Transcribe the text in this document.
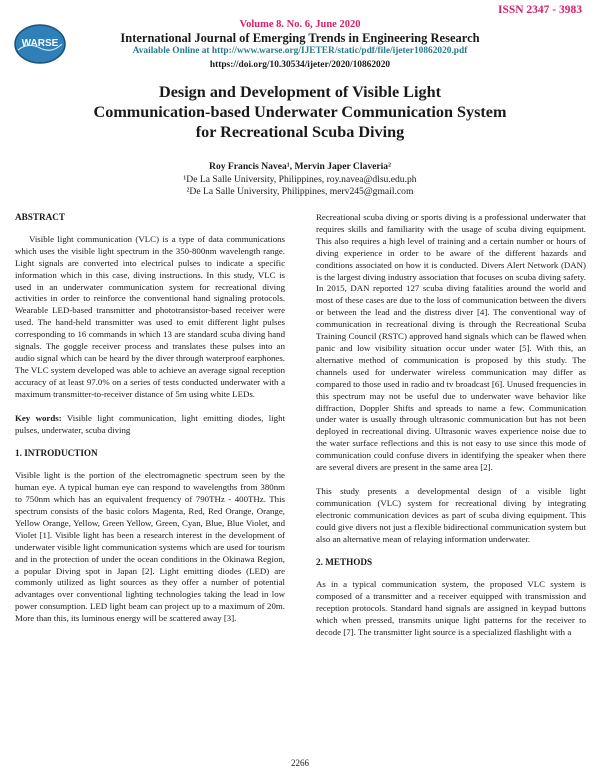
ISSN 2347 - 3983
WARSE
Volume 8. No. 6, June 2020
International Journal of Emerging Trends in Engineering Research
Available Online at http://www.warse.org/IJETER/static/pdf/file/ijeter10862020.pdf
https://doi.org/10.30534/ijeter/2020/10862020
Design and Development of Visible Light
Communication-based Underwater Communication System
for Recreational Scuba Diving
Roy Francis Navea¹, Mervin Japer Claveria²
¹De La Salle University, Philippines, roy.navea@dlsu.edu.ph
²De La Salle University, Philippines, merv245@gmail.com
ABSTRACT

Visible light communication (VLC) is a type of data communications which uses the visible light spectrum in the 350-800nm wavelength range. Light signals are converted into electrical pulses to indicate a specific information which in this case, diving instructions. In this study, VLC is used in an underwater communication system for recreational diving activities in order to reinforce the conventional hand signaling protocols. Wearable LED-based transmitter and phototransistor-based receiver were used. The hand-held transmitter was used to emit different light pulses corresponding to 16 commands in which 13 are standard scuba diving hand signals. The goggle receiver process and translates these pulses into an audio signal which can be heard by the diver through waterproof earphones. The VLC system developed was able to achieve an average signal reception accuracy of at least 97.0% on a series of tests conducted underwater with a maximum transmitter-to-receiver distance of 5m using white LEDs.

Key words: Visible light communication, light emitting diodes, light pulses, underwater, scuba diving

1. INTRODUCTION

Visible light is the portion of the electromagnetic spectrum seen by the human eye. A typical human eye can respond to wavelengths from 380nm to 750nm which has an equivalent frequency of 790THz - 400THz. This spectrum consists of the basic colors Magenta, Red, Red Orange, Orange, Yellow Orange, Yellow, Green Yellow, Green, Cyan, Blue, Blue Violet, and Violet [1]. Visible light has been a research interest in the development of underwater visible light communication systems which are used for tourism and in the protection of under the ocean conditions in the Okinawa Region, a popular Diving spot in Japan [2]. Light emitting diodes (LED) are commonly utilized as light sources as they offer a number of potential advantages over conventional lighting technologies taking the lead in low power consumption. LED light beam can project up to a maximum of 20m. More than this, its luminous energy will be scattered away [3].

Recreational scuba diving or sports diving is a professional underwater that requires skills and familiarity with the usage of scuba diving equipment. This also requires a high level of training and a certain number or hours of diving experience in order to be aware of the different hazards and conditions associated on how it is conducted. Divers Alert Network (DAN) is the largest diving industry association that focuses on scuba diving safety. In 2015, DAN reported 127 scuba diving fatalities around the world and most of these cases are due to the loss of communication between the divers or between the lead and the distress diver [4]. The conventional way of communication in recreational diving is through the Recreational Scuba Training Council (RSTC) approved hand signals which can be flawed when panic and low visibility situation occur under water [5]. With this, an alternative method of communication is proposed by this study. The channels used for underwater wireless communication may differ as compared to those used in radio and tv broadcast [6]. Unused frequencies in this spectrum may not be useful due to underwater wave behavior like diffraction, Doppler Shifts and spreads to name a few. Communication under water is usually through ultrasonic communication but has not been deployed in recreational diving. Ultrasonic waves experience noise due to the water surface reflections and this is not easy to use since this mode of communication could confuse divers in identifying the speaker when there are several divers are present in the same area [2].

This study presents a developmental design of a visible light communication (VLC) system for recreational diving by integrating electronic communication devices as part of scuba diving equipment. This could give divers not just a flexible bidirectional communication system but also an alternative mean of relaying information underwater.

2. METHODS

As in a typical communication system, the proposed VLC system is composed of a transmitter and a receiver equipped with transmission and reception protocols. Standard hand signals are assigned in keypad buttons which when pressed, transmits unique light patterns for the receiver to decode [7]. The transmitter light source is a specialized flashlight with a

2266
